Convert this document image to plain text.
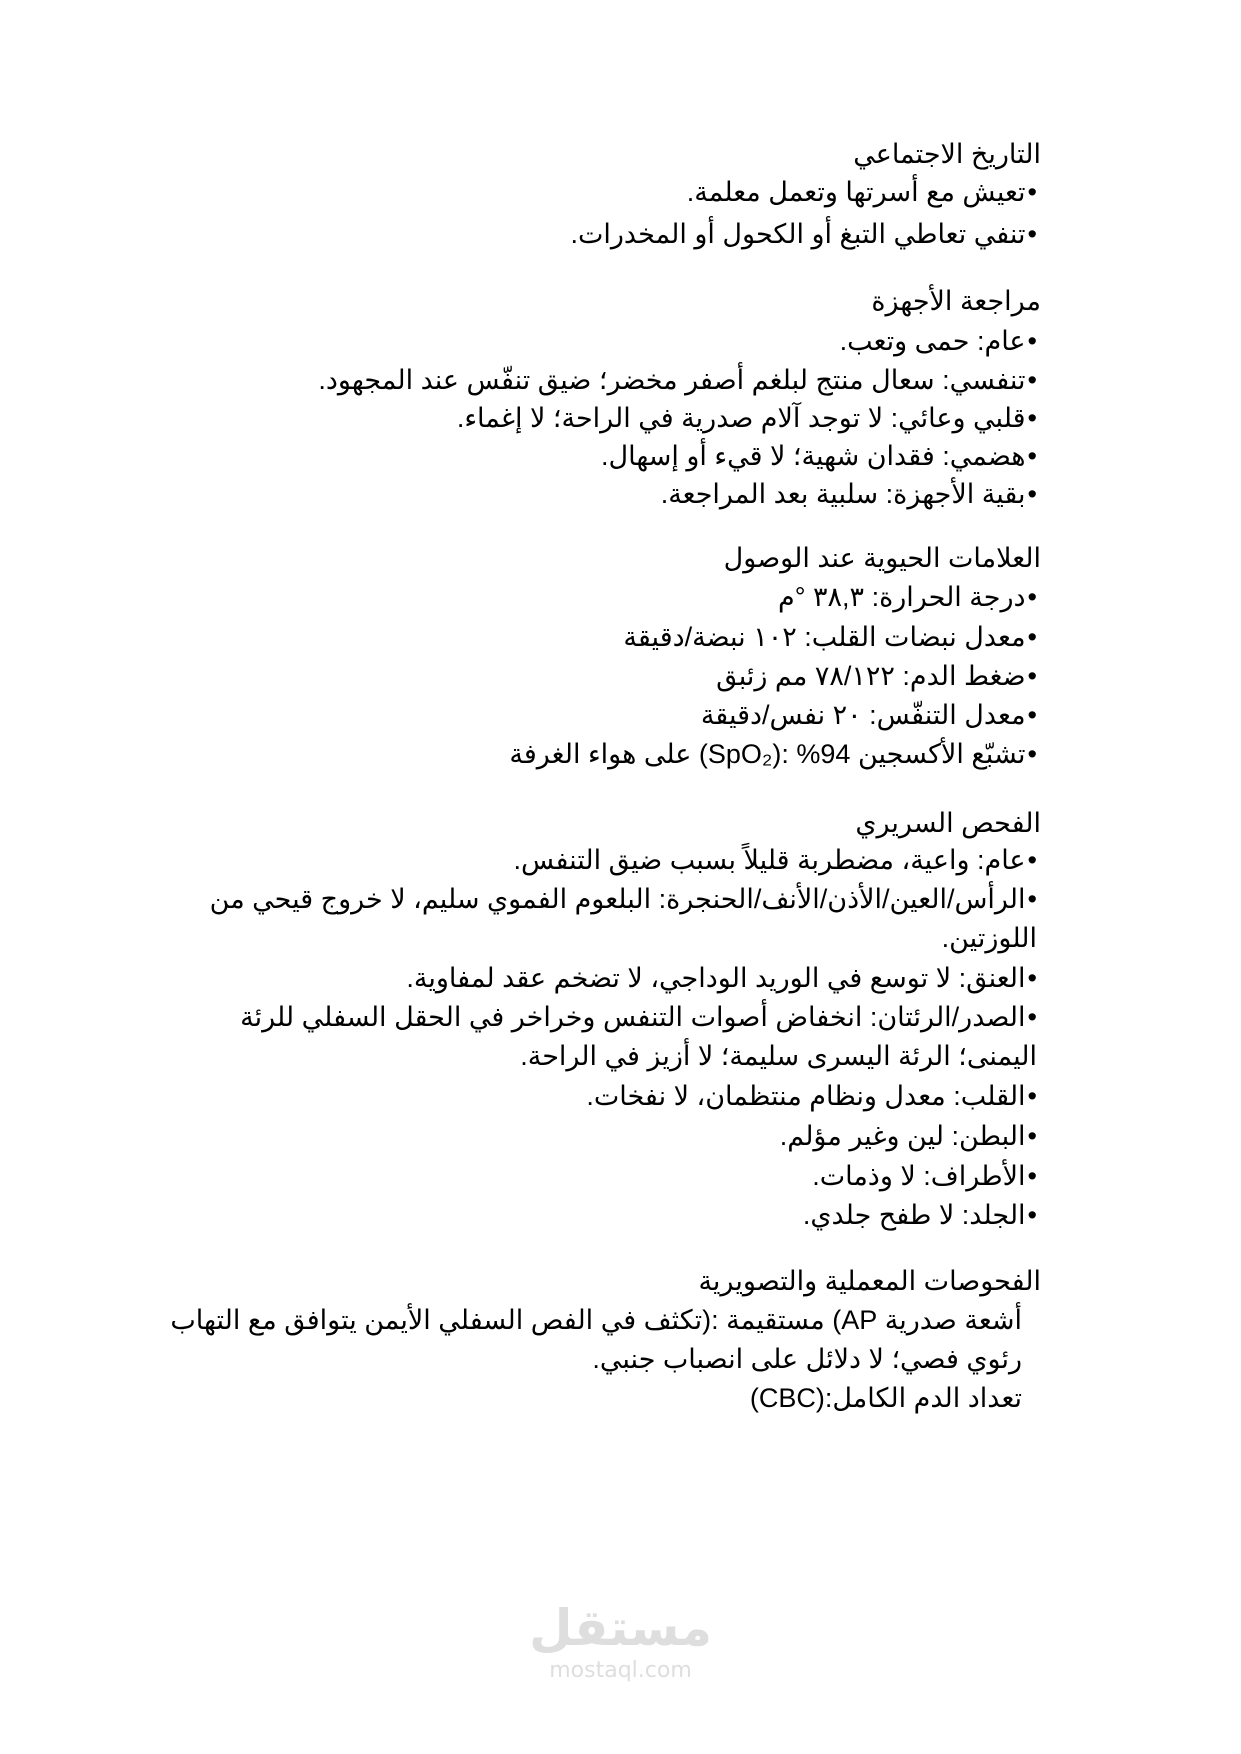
التاريخ الاجتماعي
•تعيش مع أسرتها وتعمل معلمة.
•تنفي تعاطي التبغ أو الكحول أو المخدرات.
مراجعة الأجهزة
•عام: حمى وتعب.
•تنفسي: سعال منتج لبلغم أصفر مخضر؛ ضيق تنفّس عند المجهود.
•قلبي وعائي: لا توجد آلام صدرية في الراحة؛ لا إغماء.
•هضمي: فقدان شهية؛ لا قيء أو إسهال.
•بقية الأجهزة: سلبية بعد المراجعة.
العلامات الحيوية عند الوصول
•درجة الحرارة: ٣٨,٣ °م
•معدل نبضات القلب: ١٠٢ نبضة/دقيقة
•ضغط الدم: ٧٨/١٢٢ مم زئبق
•معدل التنفّس: ٢٠ نفس/دقيقة
•تشبّع الأكسجين 94% :(SpO₂) على هواء الغرفة
الفحص السريري
•عام: واعية، مضطربة قليلاً بسبب ضيق التنفس.
•الرأس/العين/الأذن/الأنف/الحنجرة: البلعوم الفموي سليم، لا خروج قيحي من
اللوزتين.
•العنق: لا توسع في الوريد الوداجي، لا تضخم عقد لمفاوية.
•الصدر/الرئتان: انخفاض أصوات التنفس وخراخر في الحقل السفلي للرئة
اليمنى؛ الرئة اليسرى سليمة؛ لا أزيز في الراحة.
•القلب: معدل ونظام منتظمان، لا نفخات.
•البطن: لين وغير مؤلم.
•الأطراف: لا وذمات.
•الجلد: لا طفح جلدي.
الفحوصات المعملية والتصويرية
أشعة صدرية AP) مستقيمة :(تكثف في الفص السفلي الأيمن يتوافق مع التهاب
رئوي فصي؛ لا دلائل على انصباب جنبي.
تعداد الدم الكامل:(CBC)
مستقل
mostaql.com
